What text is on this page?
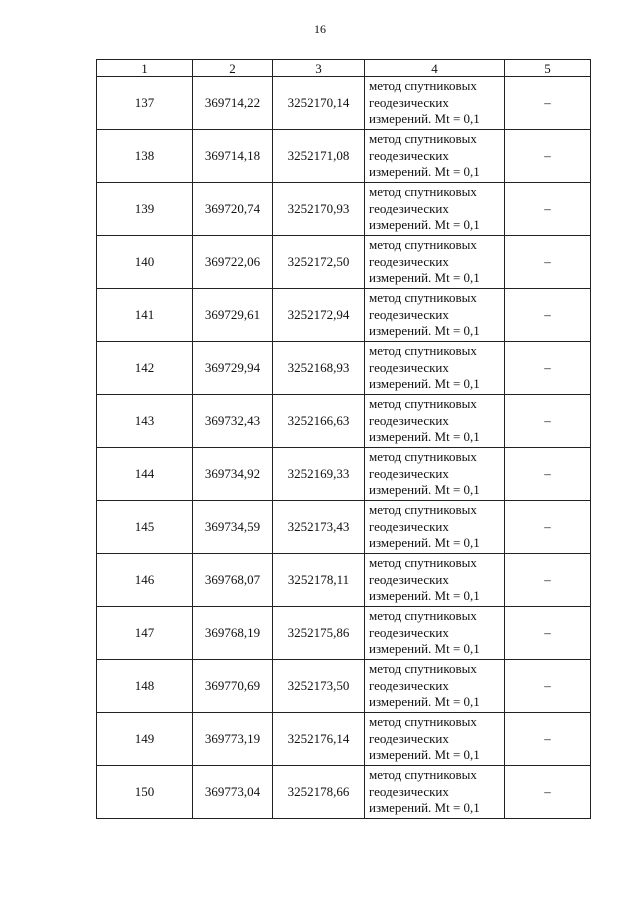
16
1	2	3	4	5
137	369714,22	3252170,14	метод спутниковых
геодезических
измерений. Mt = 0,1	–
138	369714,18	3252171,08	метод спутниковых
геодезических
измерений. Mt = 0,1	–
139	369720,74	3252170,93	метод спутниковых
геодезических
измерений. Mt = 0,1	–
140	369722,06	3252172,50	метод спутниковых
геодезических
измерений. Mt = 0,1	–
141	369729,61	3252172,94	метод спутниковых
геодезических
измерений. Mt = 0,1	–
142	369729,94	3252168,93	метод спутниковых
геодезических
измерений. Mt = 0,1	–
143	369732,43	3252166,63	метод спутниковых
геодезических
измерений. Mt = 0,1	–
144	369734,92	3252169,33	метод спутниковых
геодезических
измерений. Mt = 0,1	–
145	369734,59	3252173,43	метод спутниковых
геодезических
измерений. Mt = 0,1	–
146	369768,07	3252178,11	метод спутниковых
геодезических
измерений. Mt = 0,1	–
147	369768,19	3252175,86	метод спутниковых
геодезических
измерений. Mt = 0,1	–
148	369770,69	3252173,50	метод спутниковых
геодезических
измерений. Mt = 0,1	–
149	369773,19	3252176,14	метод спутниковых
геодезических
измерений. Mt = 0,1	–
150	369773,04	3252178,66	метод спутниковых
геодезических
измерений. Mt = 0,1	–
